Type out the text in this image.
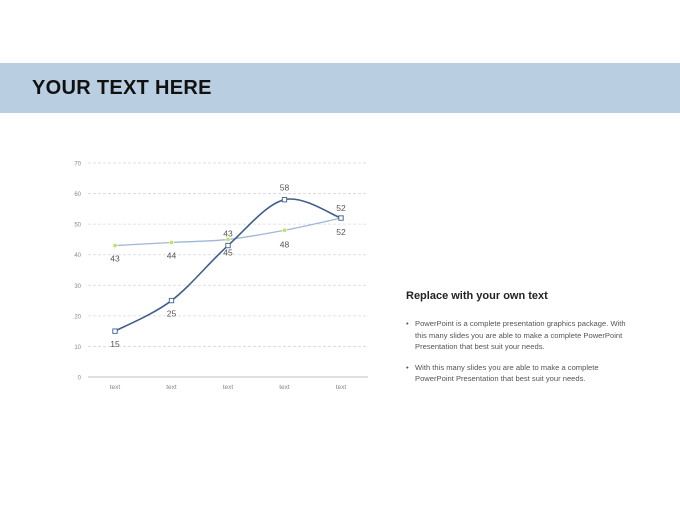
YOUR TEXT HERE
0
10
20
30
40
50
60
70
text	text	text	text	text
15
25
43
58
52
43	44	45
48
52
Replace with your own text
• PowerPoint is a complete presentation graphics package. With this many slides you are able to make a complete PowerPoint Presentation that best suit your needs.
• With this many slides you are able to make a complete PowerPoint Presentation that best suit your needs.
